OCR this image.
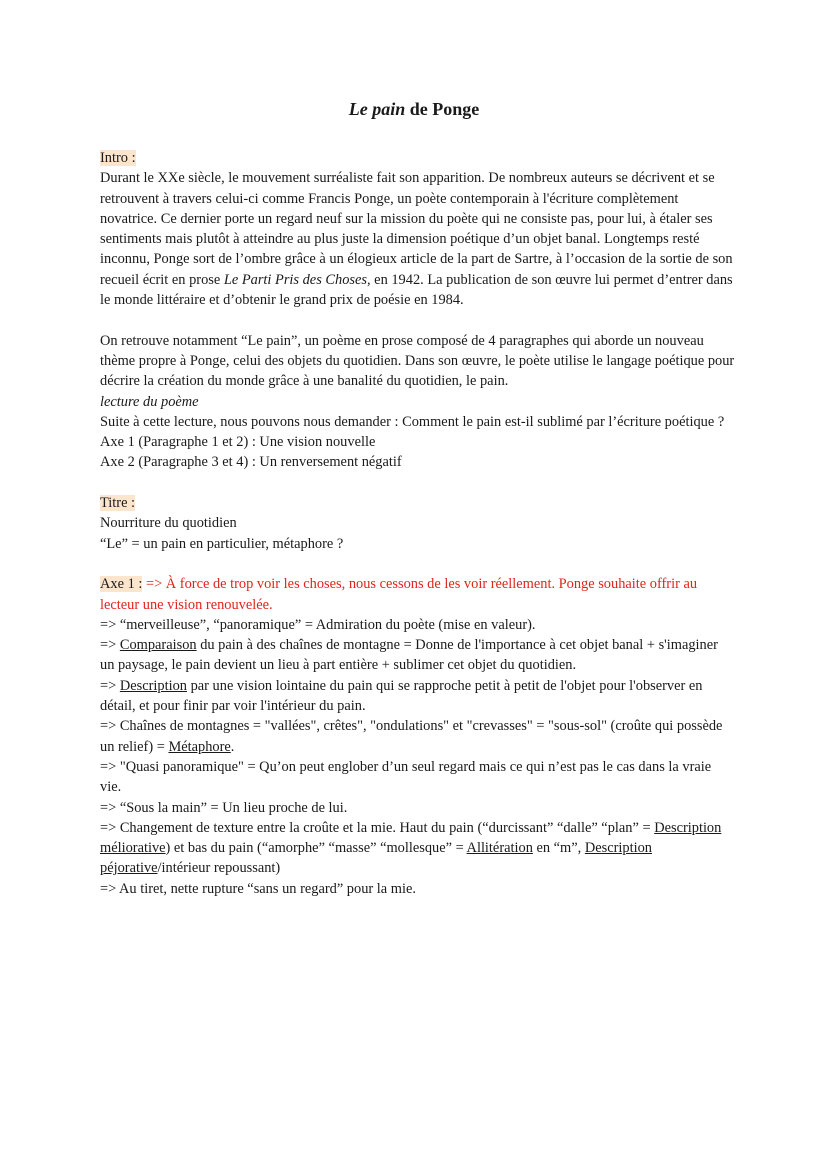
Le pain de Ponge

Intro :

Durant le XXe siècle, le mouvement surréaliste fait son apparition. De nombreux auteurs se décrivent et se retrouvent à travers celui-ci comme Francis Ponge, un poète contemporain à l'écriture complètement novatrice. Ce dernier porte un regard neuf sur la mission du poète qui ne consiste pas, pour lui, à étaler ses sentiments mais plutôt à atteindre au plus juste la dimension poétique d’un objet banal. Longtemps resté inconnu, Ponge sort de l’ombre grâce à un élogieux article de la part de Sartre, à l’occasion de la sortie de son recueil écrit en prose Le Parti Pris des Choses, en 1942. La publication de son œuvre lui permet d’entrer dans le monde littéraire et d’obtenir le grand prix de poésie en 1984.

On retrouve notamment “Le pain”, un poème en prose composé de 4 paragraphes qui aborde un nouveau thème propre à Ponge, celui des objets du quotidien. Dans son œuvre, le poète utilise le langage poétique pour décrire la création du monde grâce à une banalité du quotidien, le pain.

lecture du poème

Suite à cette lecture, nous pouvons nous demander : Comment le pain est-il sublimé par l’écriture poétique ?

Axe 1 (Paragraphe 1 et 2) : Une vision nouvelle

Axe 2 (Paragraphe 3 et 4) : Un renversement négatif

Titre :

Nourriture du quotidien

“Le” = un pain en particulier, métaphore ?

Axe 1 : => À force de trop voir les choses, nous cessons de les voir réellement. Ponge souhaite offrir au lecteur une vision renouvelée.

=> “merveilleuse”, “panoramique” = Admiration du poète (mise en valeur).

=> Comparaison du pain à des chaînes de montagne = Donne de l'importance à cet objet banal + s'imaginer un paysage, le pain devient un lieu à part entière + sublimer cet objet du quotidien.

=> Description par une vision lointaine du pain qui se rapproche petit à petit de l'objet pour l'observer en détail, et pour finir par voir l'intérieur du pain.

=> Chaînes de montagnes = "vallées", crêtes", "ondulations" et "crevasses" = "sous-sol" (croûte qui possède un relief) = Métaphore.

=> "Quasi panoramique" = Qu’on peut englober d’un seul regard mais ce qui n’est pas le cas dans la vraie vie.

=> “Sous la main” = Un lieu proche de lui.

=> Changement de texture entre la croûte et la mie. Haut du pain (“durcissant” “dalle” “plan” = Description méliorative) et bas du pain (“amorphe” “masse” “mollesque” = Allitération en “m”, Description péjorative/intérieur repoussant)

=> Au tiret, nette rupture “sans un regard” pour la mie.
